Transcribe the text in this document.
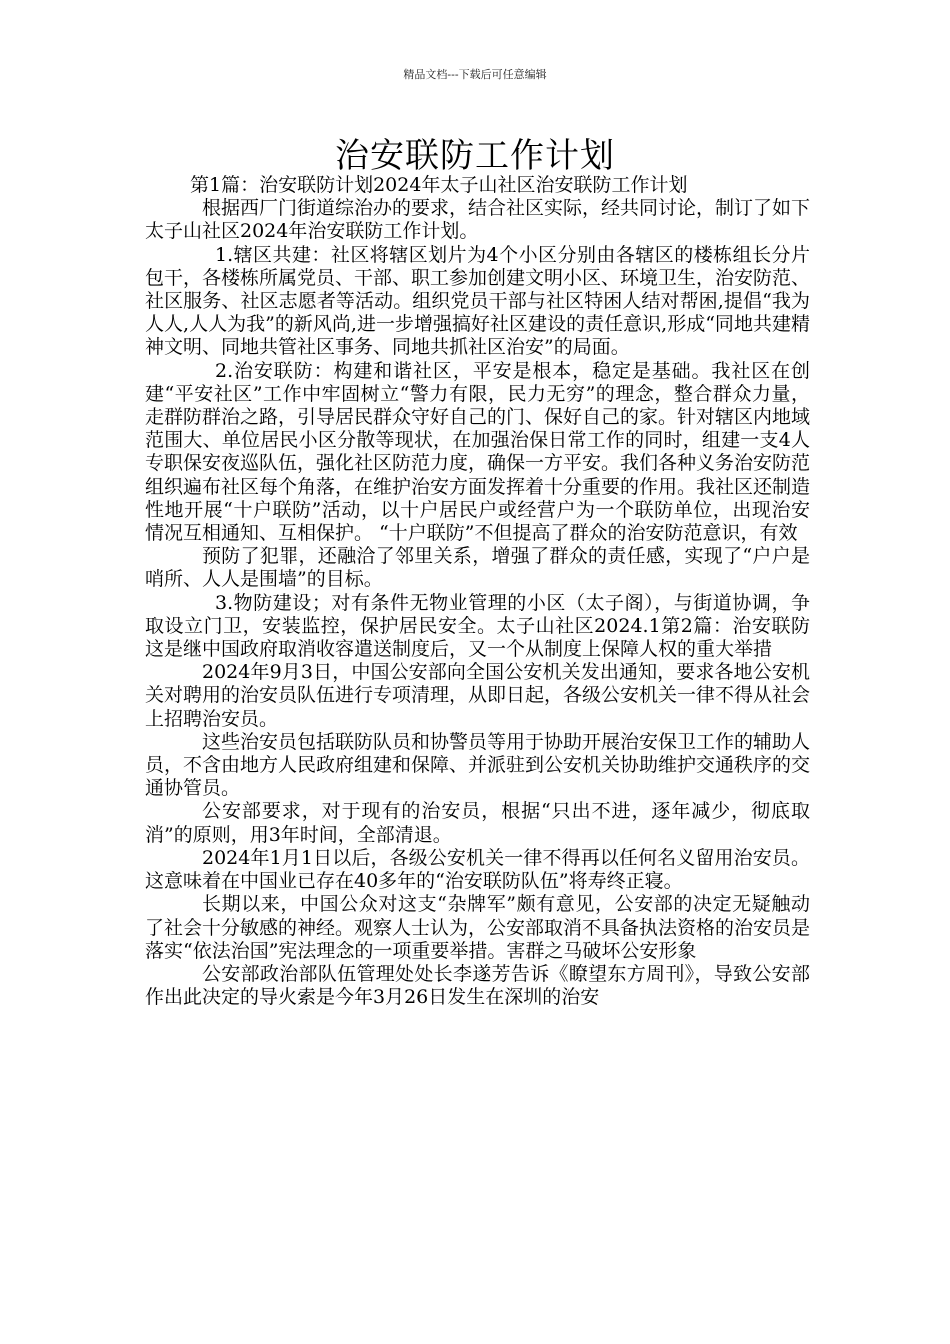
精品文档---下载后可任意编辑
治安联防工作计划

第1篇：治安联防计划2024年太子山社区治安联防工作计划

根据西厂门街道综治办的要求，结合社区实际，经共同讨论，制订了如下太子山社区2024年治安联防工作计划。

1.辖区共建：社区将辖区划片为4个小区分别由各辖区的楼栋组长分片包干，各楼栋所属党员、干部、职工参加创建文明小区、环境卫生，治安防范、社区服务、社区志愿者等活动。组织党员干部与社区特困人结对帮困,提倡“我为人人,人人为我”的新风尚,进一步增强搞好社区建设的责任意识,形成“同地共建精神文明、同地共管社区事务、同地共抓社区治安”的局面。

2.治安联防：构建和谐社区，平安是根本，稳定是基础。我社区在创建“平安社区”工作中牢固树立“警力有限，民力无穷”的理念，整合群众力量，走群防群治之路，引导居民群众守好自己的门、保好自己的家。针对辖区内地域范围大、单位居民小区分散等现状，在加强治保日常工作的同时，组建一支4人专职保安夜巡队伍，强化社区防范力度，确保一方平安。我们各种义务治安防范组织遍布社区每个角落，在维护治安方面发挥着十分重要的作用。我社区还制造性地开展“十户联防”活动，以十户居民户或经营户为一个联防单位，出现治安情况互相通知、互相保护。 “十户联防”不但提高了群众的治安防范意识，有效

预防了犯罪，还融洽了邻里关系，增强了群众的责任感，实现了“户户是哨所、人人是围墙”的目标。

3.物防建设；对有条件无物业管理的小区（太子阁），与街道协调，争取设立门卫，安装监控，保护居民安全。太子山社区2024.1第2篇：治安联防这是继中国政府取消收容遣送制度后，又一个从制度上保障人权的重大举措

2024年9月3日，中国公安部向全国公安机关发出通知，要求各地公安机关对聘用的治安员队伍进行专项清理，从即日起，各级公安机关一律不得从社会上招聘治安员。

这些治安员包括联防队员和协警员等用于协助开展治安保卫工作的辅助人员，不含由地方人民政府组建和保障、并派驻到公安机关协助维护交通秩序的交通协管员。

公安部要求，对于现有的治安员，根据“只出不进，逐年减少，彻底取消”的原则，用3年时间，全部清退。

2024年1月1日以后，各级公安机关一律不得再以任何名义留用治安员。这意味着在中国业已存在40多年的“治安联防队伍”将寿终正寝。

长期以来，中国公众对这支“杂牌军”颇有意见，公安部的决定无疑触动了社会十分敏感的神经。观察人士认为，公安部取消不具备执法资格的治安员是落实“依法治国”宪法理念的一项重要举措。害群之马破坏公安形象

公安部政治部队伍管理处处长李遂芳告诉《瞭望东方周刊》，导致公安部作出此决定的导火索是今年3月26日发生在深圳的治安
